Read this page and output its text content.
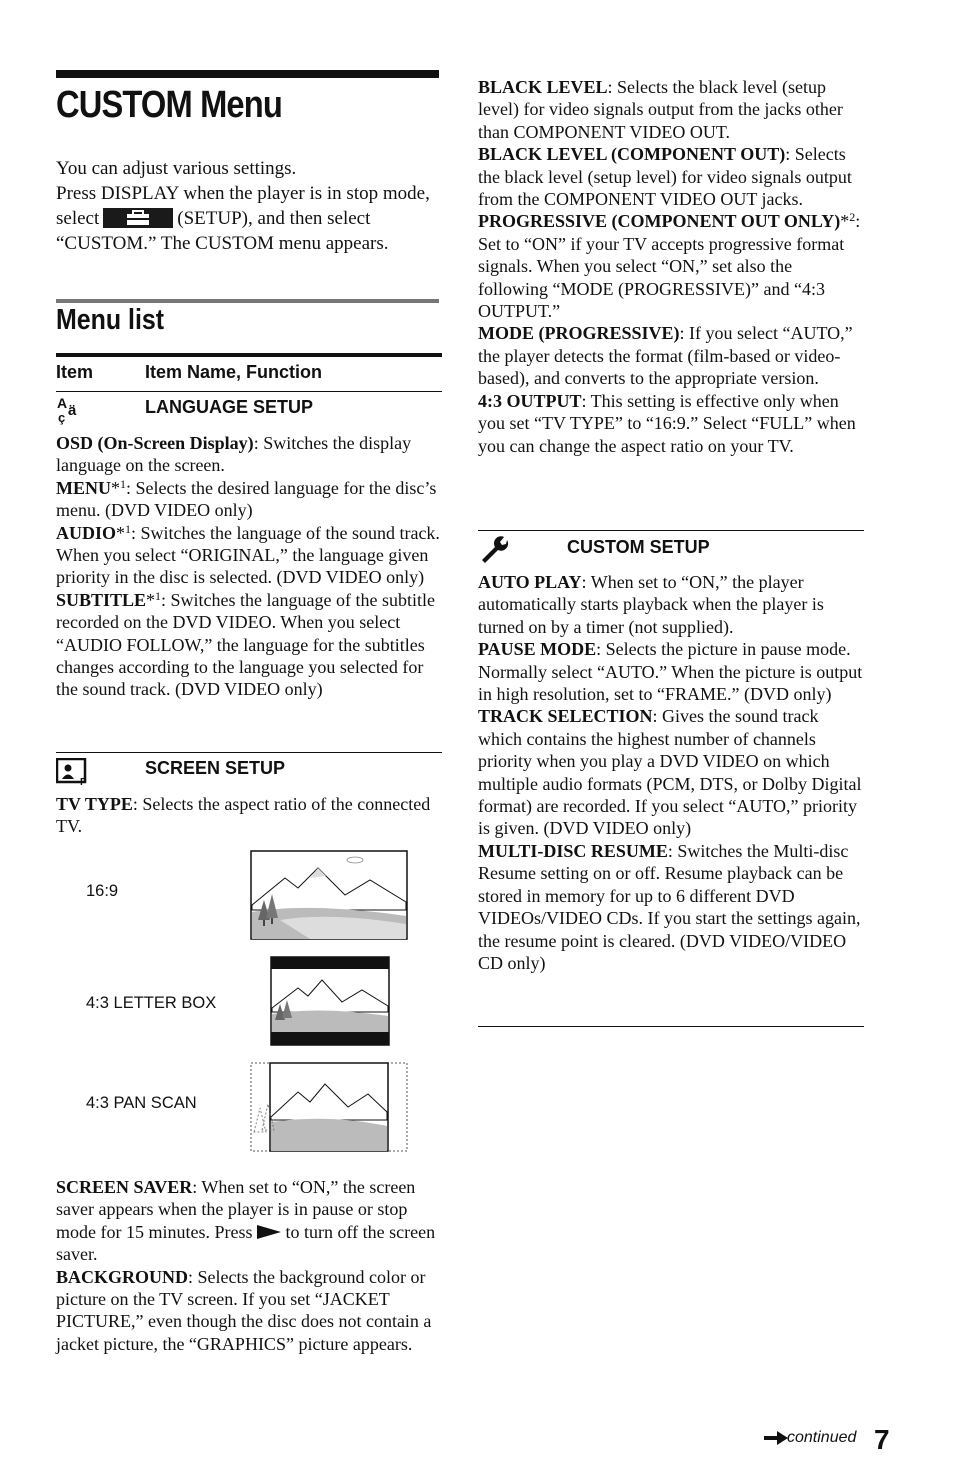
CUSTOM Menu

You can adjust various settings.

Press DISPLAY when the player is in stop mode, select	(SETUP), and then select “CUSTOM.” The CUSTOM menu appears.

Menu list
Item	Item Name, Function
A ä
ç
LANGUAGE SETUP

OSD (On-Screen Display): Switches the display language on the screen.

MENU*$^1$: Selects the desired language for the disc’s menu. (DVD VIDEO only)

AUDIO*$^1$: Switches the language of the sound track. When you select “ORIGINAL,” the language given priority in the disc is selected. (DVD VIDEO only)

SUBTITLE*$^1$: Switches the language of the subtitle recorded on the DVD VIDEO. When you select “AUDIO FOLLOW,” the language for the subtitles changes according to the language you selected for the sound track. (DVD VIDEO only)

P
SCREEN SETUP

TV TYPE: Selects the aspect ratio of the connected TV.

16:9
4:3 LETTER BOX
4:3 PAN SCAN

SCREEN SAVER: When set to “ON,” the screen saver appears when the player is in pause or stop mode for 15 minutes. Press to turn off the screen saver.

BACKGROUND: Selects the background color or picture on the TV screen. If you set “JACKET PICTURE,” even though the disc does not contain a jacket picture, the “GRAPHICS” picture appears.

BLACK LEVEL: Selects the black level (setup level) for video signals output from the jacks other than COMPONENT VIDEO OUT.

BLACK LEVEL (COMPONENT OUT): Selects the black level (setup level) for video signals output from the COMPONENT VIDEO OUT jacks.

PROGRESSIVE (COMPONENT OUT ONLY)*$^2$: Set to “ON” if your TV accepts progressive format signals. When you select “ON,” set also the following “MODE (PROGRESSIVE)” and “4:3 OUTPUT.”

MODE (PROGRESSIVE): If you select “AUTO,” the player detects the format (film-based or video-based), and converts to the appropriate version.

4:3 OUTPUT: This setting is effective only when you set “TV TYPE” to “16:9.” Select “FULL” when you can change the aspect ratio on your TV.

CUSTOM SETUP

AUTO PLAY: When set to “ON,” the player automatically starts playback when the player is turned on by a timer (not supplied).

PAUSE MODE: Selects the picture in pause mode. Normally select “AUTO.” When the picture is output in high resolution, set to “FRAME.” (DVD only)

TRACK SELECTION: Gives the sound track which contains the highest number of channels priority when you play a DVD VIDEO on which multiple audio formats (PCM, DTS, or Dolby Digital format) are recorded. If you select “AUTO,” priority is given. (DVD VIDEO only)

MULTI-DISC RESUME: Switches the Multi-disc Resume setting on or off. Resume playback can be stored in memory for up to 6 different DVD VIDEOs/VIDEO CDs. If you start the settings again, the resume point is cleared. (DVD VIDEO/VIDEO CD only)

continued 7
